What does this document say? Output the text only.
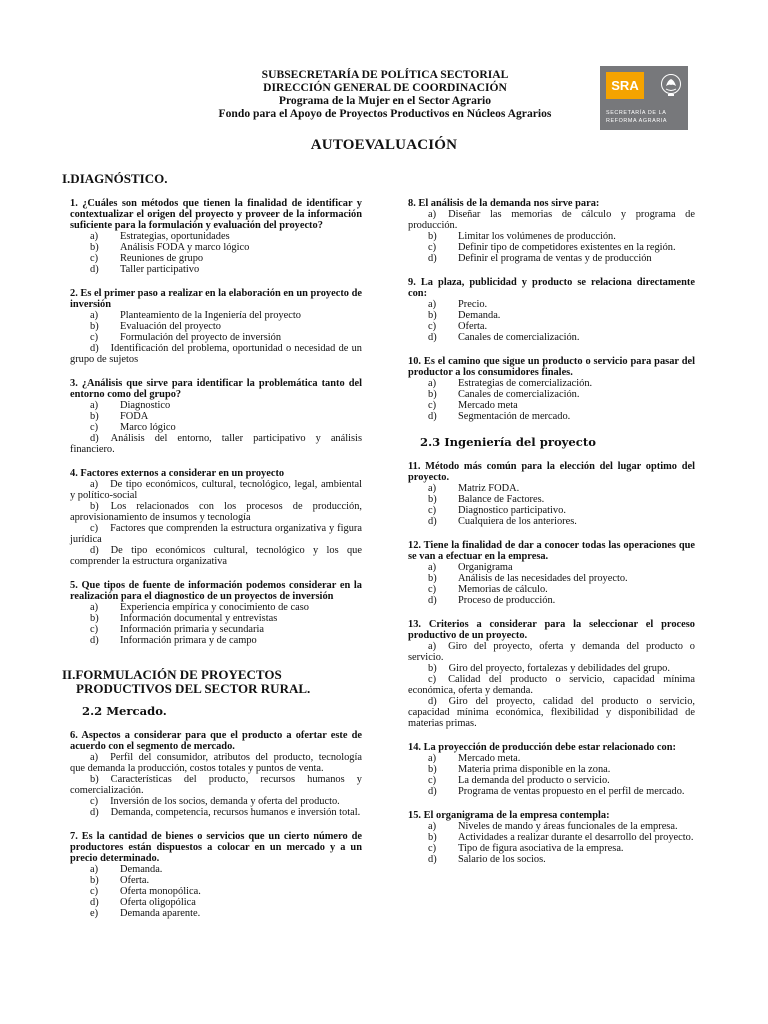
SUBSECRETARÍA DE POLÍTICA SECTORIAL
DIRECCIÓN GENERAL DE COORDINACIÓN
Programa de la Mujer en el Sector Agrario
Fondo para el Apoyo de Proyectos Productivos en Núcleos Agrarios
SRA
SECRETARÍA DE LA
REFORMA AGRARIA
AUTOEVALUACIÓN
I.DIAGNÓSTICO.
1. ¿Cuáles son métodos que tienen la finalidad de identificar y contextualizar el origen del proyecto y proveer de la información suficiente para la formulación y evaluación del proyecto?
a)	Estrategias, oportunidades
b)	Análisis FODA y marco lógico
c)	Reuniones de grupo
d)	Taller participativo
2. Es el primer paso a realizar en la elaboración en un proyecto de inversión
a)	Planteamiento de la Ingeniería del proyecto
b)	Evaluación del proyecto
c)	Formulación del proyecto de inversión
d) Identificación del problema, oportunidad o necesidad de un grupo de sujetos
3. ¿Análisis que sirve para identificar la problemática tanto del entorno como del grupo?
a)	Diagnostico
b)	FODA
c)	Marco lógico
d) Análisis del entorno, taller participativo y análisis financiero.
4. Factores externos a considerar en un proyecto
a) De tipo económicos, cultural, tecnológico, legal, ambiental y político-social
b) Los relacionados con los procesos de producción, aprovisionamiento de insumos y tecnología
c) Factores que comprenden la estructura organizativa y figura jurídica
d) De tipo económicos cultural, tecnológico y los que comprender la estructura organizativa
5. Que tipos de fuente de información podemos considerar en la realización para el diagnostico de un proyectos de inversión
a)	Experiencia empírica y conocimiento de caso
b)	Información documental y entrevistas
c)	Información primaria y secundaria
d)	Información primara y de campo
II.FORMULACIÓN DE PROYECTOS
PRODUCTIVOS DEL SECTOR RURAL.
2.2 Mercado.
6. Aspectos a considerar para que el producto a ofertar este de acuerdo con el segmento de mercado.
a) Perfil del consumidor, atributos del producto, tecnología que demanda la producción, costos totales y puntos de venta.
b) Características del producto, recursos humanos y comercialización.
c) Inversión de los socios, demanda y oferta del producto.
d) Demanda, competencia, recursos humanos e inversión total.
7. Es la cantidad de bienes o servicios que un cierto número de productores están dispuestos a colocar en un mercado y a un precio determinado.
a)	Demanda.
b)	Oferta.
c)	Oferta monopólica.
d)	Oferta oligopólica
e)	Demanda aparente.
8. El análisis de la demanda nos sirve para:
a) Diseñar las memorias de cálculo y programa de producción.
b)	Limitar los volúmenes de producción.
c)	Definir tipo de competidores existentes en la región.
d)	Definir el programa de ventas y de producción
9. La plaza, publicidad y producto se relaciona directamente con:
a)	Precio.
b)	Demanda.
c)	Oferta.
d)	Canales de comercialización.
10. Es el camino que sigue un producto o servicio para pasar del productor a los consumidores finales.
a)	Estrategias de comercialización.
b)	Canales de comercialización.
c)	Mercado meta
d)	Segmentación de mercado.
2.3 Ingeniería del proyecto
11. Método más común para la elección del lugar optimo del proyecto.
a)	Matriz FODA.
b)	Balance de Factores.
c)	Diagnostico participativo.
d)	Cualquiera de los anteriores.
12. Tiene la finalidad de dar a conocer todas las operaciones que se van a efectuar en la empresa.
a)	Organigrama
b)	Análisis de las necesidades del proyecto.
c)	Memorias de cálculo.
d)	Proceso de producción.
13. Criterios a considerar para la seleccionar el proceso productivo de un proyecto.
a) Giro del proyecto, oferta y demanda del producto o servicio.
b) Giro del proyecto, fortalezas y debilidades del grupo.
c) Calidad del producto o servicio, capacidad mínima económica, oferta y demanda.
d) Giro del proyecto, calidad del producto o servicio, capacidad mínima económica, flexibilidad y disponibilidad de materias primas.
14. La proyección de producción debe estar relacionado con:
a)	Mercado meta.
b)	Materia prima disponible en la zona.
c)	La demanda del producto o servicio.
d)	Programa de ventas propuesto en el perfil de mercado.
15. El organigrama de la empresa contempla:
a)	Niveles de mando y áreas funcionales de la empresa.
b)	Actividades a realizar durante el desarrollo del proyecto.
c)	Tipo de figura asociativa de la empresa.
d)	Salario de los socios.
